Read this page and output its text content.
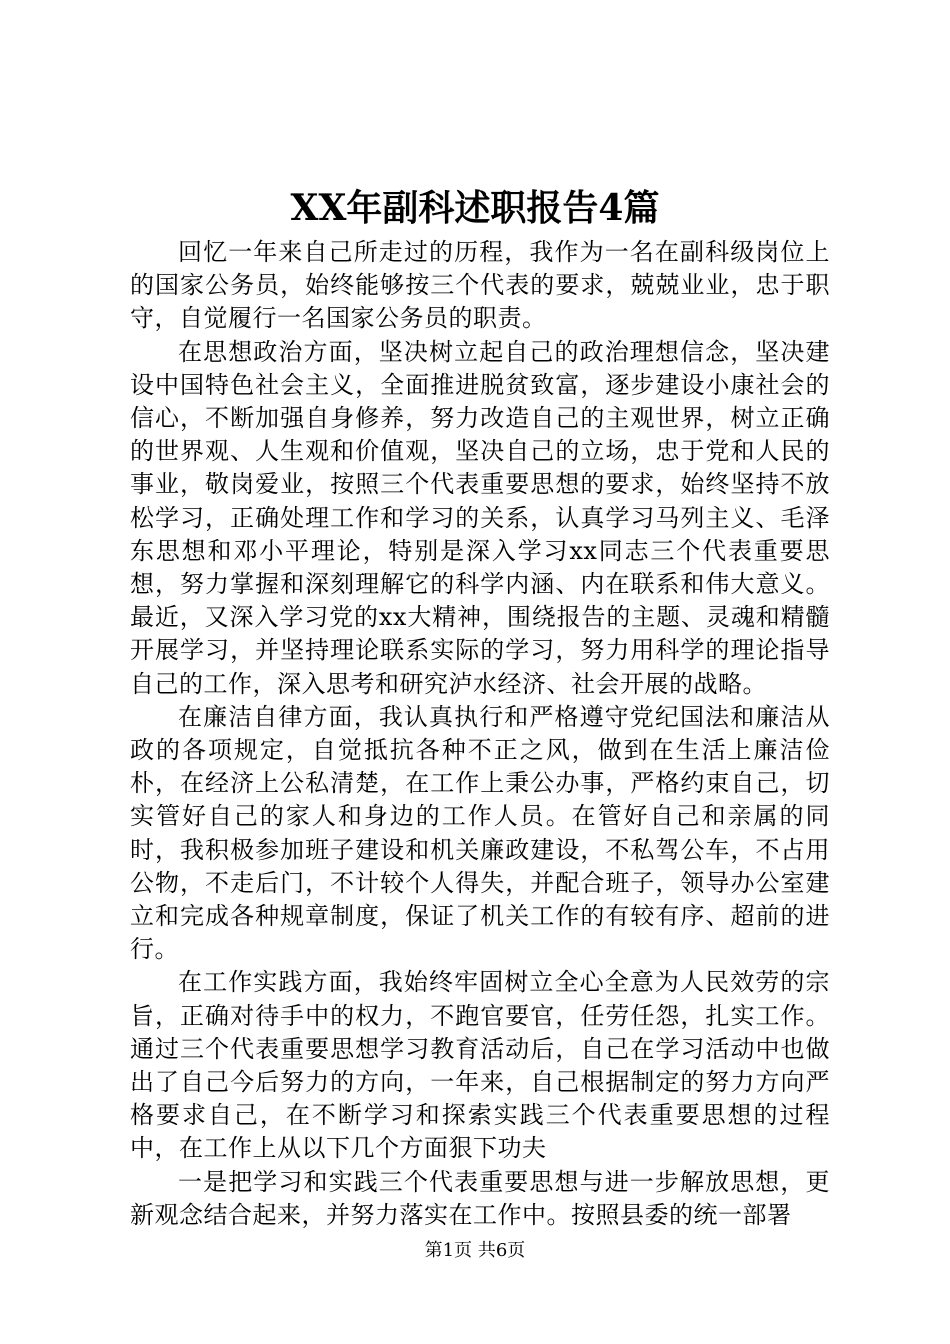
XX年副科述职报告4篇

回忆一年来自己所走过的历程，我作为一名在副科级岗位上的国家公务员，始终能够按三个代表的要求，兢兢业业，忠于职守，自觉履行一名国家公务员的职责。

在思想政治方面，坚决树立起自己的政治理想信念，坚决建设中国特色社会主义，全面推进脱贫致富，逐步建设小康社会的信心，不断加强自身修养，努力改造自己的主观世界，树立正确的世界观、人生观和价值观，坚决自己的立场，忠于党和人民的事业，敬岗爱业，按照三个代表重要思想的要求，始终坚持不放松学习，正确处理工作和学习的关系，认真学习马列主义、毛泽东思想和邓小平理论，特别是深入学习xx同志三个代表重要思想，努力掌握和深刻理解它的科学内涵、内在联系和伟大意义。最近，又深入学习党的xx大精神，围绕报告的主题、灵魂和精髓开展学习，并坚持理论联系实际的学习，努力用科学的理论指导自己的工作，深入思考和研究泸水经济、社会开展的战略。

在廉洁自律方面，我认真执行和严格遵守党纪国法和廉洁从政的各项规定，自觉抵抗各种不正之风，做到在生活上廉洁俭朴，在经济上公私清楚，在工作上秉公办事，严格约束自己，切实管好自己的家人和身边的工作人员。在管好自己和亲属的同时，我积极参加班子建设和机关廉政建设，不私驾公车，不占用公物，不走后门，不计较个人得失，并配合班子，领导办公室建立和完成各种规章制度，保证了机关工作的有较有序、超前的进行。

在工作实践方面，我始终牢固树立全心全意为人民效劳的宗旨，正确对待手中的权力，不跑官要官，任劳任怨，扎实工作。通过三个代表重要思想学习教育活动后，自己在学习活动中也做出了自己今后努力的方向，一年来，自己根据制定的努力方向严格要求自己，在不断学习和探索实践三个代表重要思想的过程中，在工作上从以下几个方面狠下功夫

一是把学习和实践三个代表重要思想与进一步解放思想，更新观念结合起来，并努力落实在工作中。按照县委的统一部署

第1页 共6页
